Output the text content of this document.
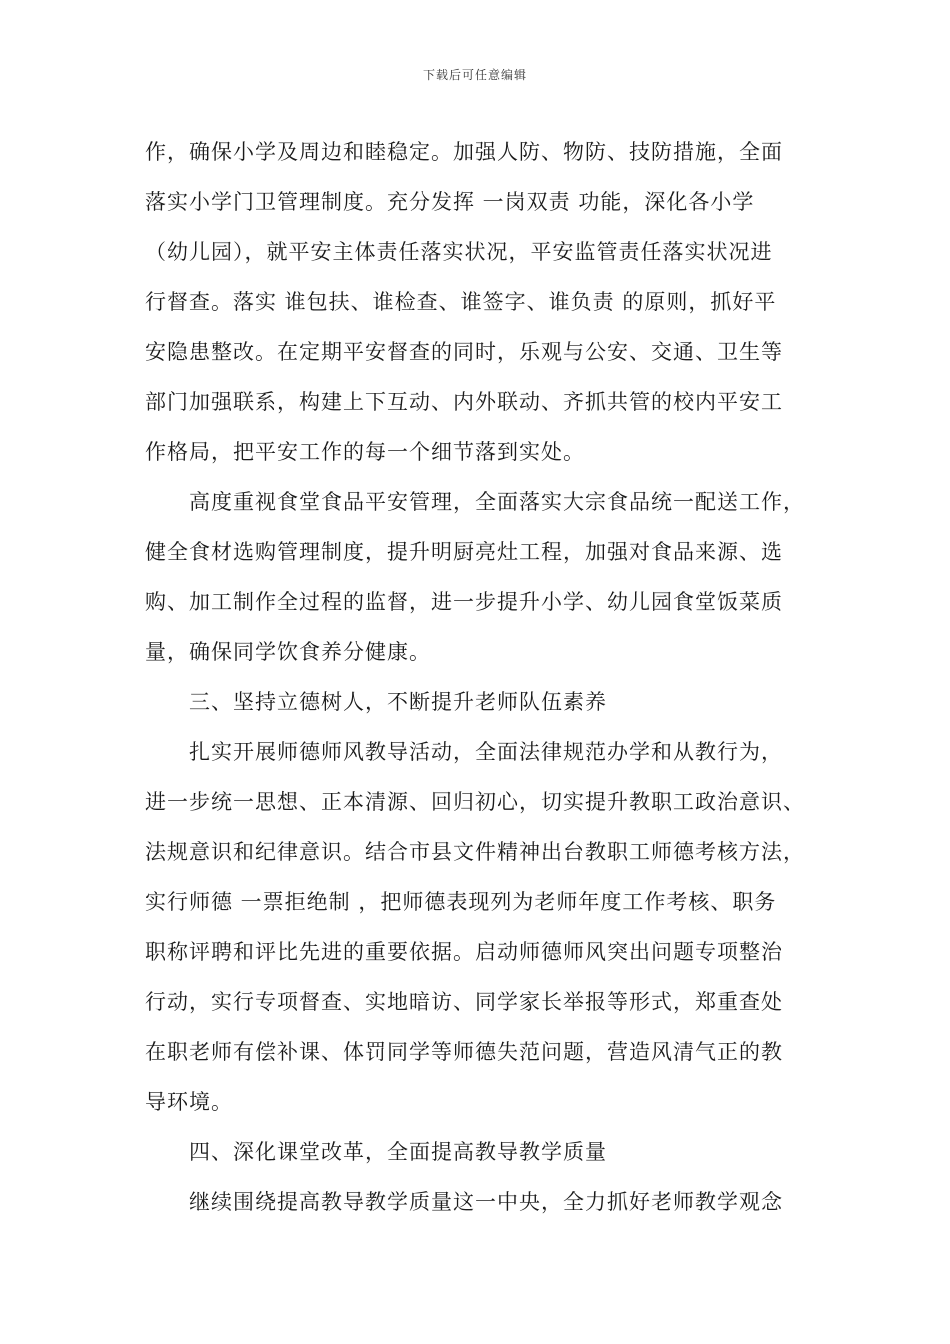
下载后可任意编辑
作，确保小学及周边和睦稳定。加强人防、物防、技防措施，全面
落实小学门卫管理制度。充分发挥 一岗双责 功能，深化各小学
（幼儿园），就平安主体责任落实状况，平安监管责任落实状况进
行督查。落实 谁包扶、谁检查、谁签字、谁负责 的原则，抓好平
安隐患整改。在定期平安督查的同时，乐观与公安、交通、卫生等
部门加强联系，构建上下互动、内外联动、齐抓共管的校内平安工
作格局，把平安工作的每一个细节落到实处。
高度重视食堂食品平安管理，全面落实大宗食品统一配送工作，
健全食材选购管理制度，提升明厨亮灶工程，加强对食品来源、选
购、加工制作全过程的监督，进一步提升小学、幼儿园食堂饭菜质
量，确保同学饮食养分健康。
三、坚持立德树人，不断提升老师队伍素养
扎实开展师德师风教导活动，全面法律规范办学和从教行为，
进一步统一思想、正本清源、回归初心，切实提升教职工政治意识、
法规意识和纪律意识。结合市县文件精神出台教职工师德考核方法，
实行师德 一票拒绝制 ，把师德表现列为老师年度工作考核、职务
职称评聘和评比先进的重要依据。启动师德师风突出问题专项整治
行动，实行专项督查、实地暗访、同学家长举报等形式，郑重查处
在职老师有偿补课、体罚同学等师德失范问题，营造风清气正的教
导环境。
四、深化课堂改革，全面提高教导教学质量
继续围绕提高教导教学质量这一中央，全力抓好老师教学观念
